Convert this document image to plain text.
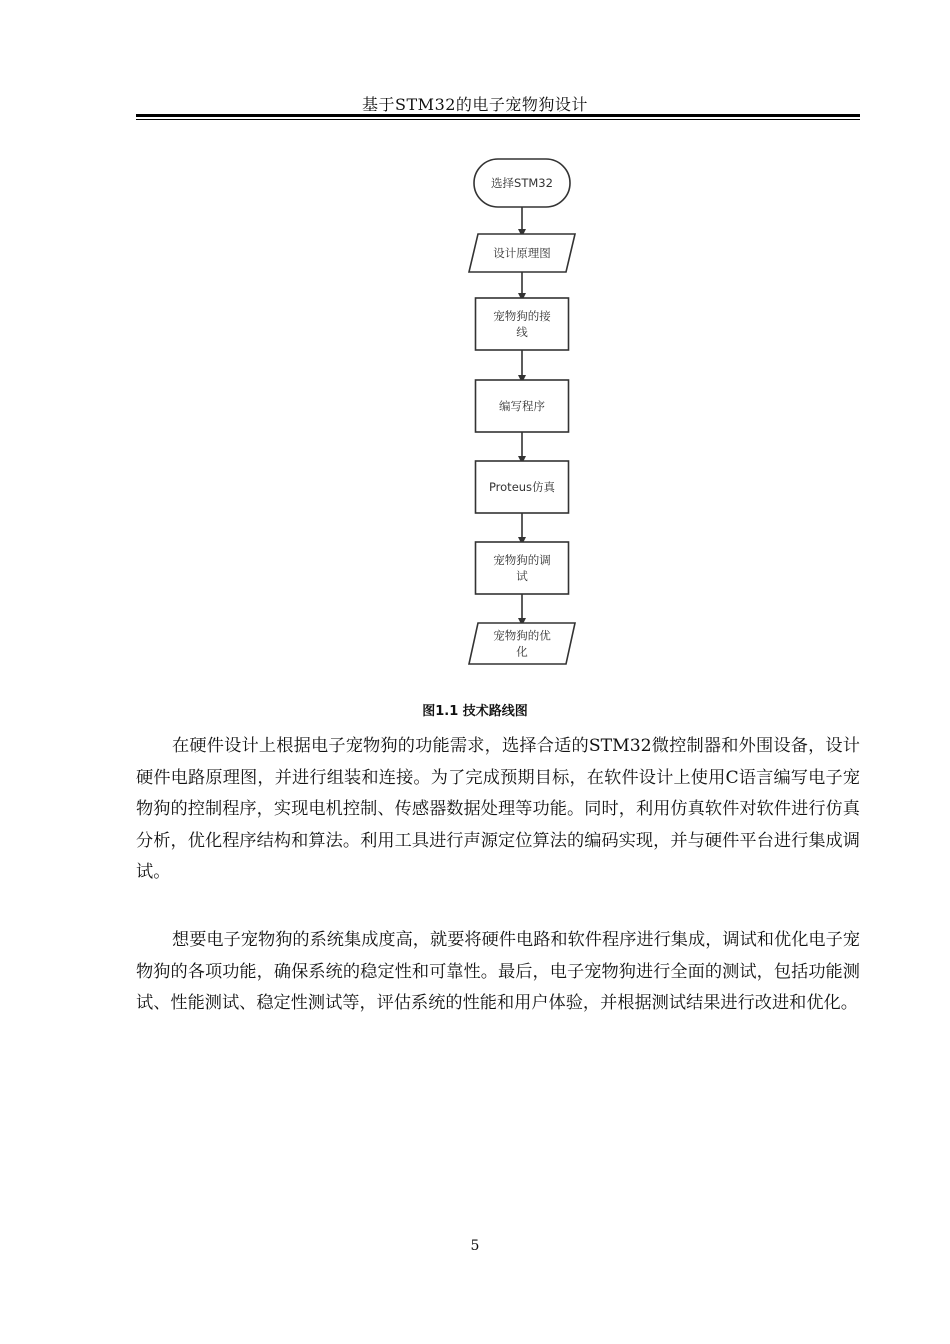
基于STM32的电子宠物狗设计
选择STM32
设计原理图
宠物狗的接
线
编写程序
Proteus仿真
宠物狗的调
试
宠物狗的优
化
图1.1 技术路线图

在硬件设计上根据电子宠物狗的功能需求，选择合适的STM32微控制器和外围设备，设计硬件电路原理图，并进行组装和连接。为了完成预期目标，在软件设计上使用C语言编写电子宠物狗的控制程序，实现电机控制、传感器数据处理等功能。同时，利用仿真软件对软件进行仿真分析，优化程序结构和算法。利用工具进行声源定位算法的编码实现，并与硬件平台进行集成调试。

想要电子宠物狗的系统集成度高，就要将硬件电路和软件程序进行集成，调试和优化电子宠物狗的各项功能，确保系统的稳定性和可靠性。最后，电子宠物狗进行全面的测试，包括功能测试、性能测试、稳定性测试等，评估系统的性能和用户体验，并根据测试结果进行改进和优化。

5
